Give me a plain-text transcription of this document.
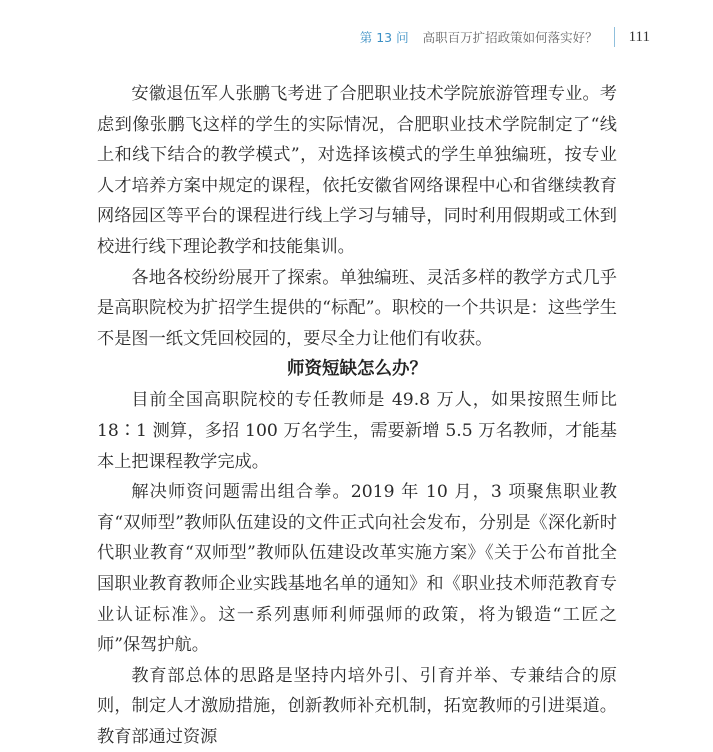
第 13 问 高职百万扩招政策如何落实好？ 111

安徽退伍军人张鹏飞考进了合肥职业技术学院旅游管理专业。考虑到像张鹏飞这样的学生的实际情况，合肥职业技术学院制定了“线上和线下结合的教学模式”，对选择该模式的学生单独编班，按专业人才培养方案中规定的课程，依托安徽省网络课程中心和省继续教育网络园区等平台的课程进行线上学习与辅导，同时利用假期或工休到校进行线下理论教学和技能集训。

各地各校纷纷展开了探索。单独编班、灵活多样的教学方式几乎是高职院校为扩招学生提供的“标配”。职校的一个共识是：这些学生不是图一纸文凭回校园的，要尽全力让他们有收获。

师资短缺怎么办？

目前全国高职院校的专任教师是 49.8 万人，如果按照生师比 18∶1 测算，多招 100 万名学生，需要新增 5.5 万名教师，才能基本上把课程教学完成。

解决师资问题需出组合拳。2019 年 10 月，3 项聚焦职业教育“双师型”教师队伍建设的文件正式向社会发布，分别是《深化新时代职业教育“双师型”教师队伍建设改革实施方案》《关于公布首批全国职业教育教师企业实践基地名单的通知》和《职业技术师范教育专业认证标准》。这一系列惠师利师强师的政策，将为锻造“工匠之师”保驾护航。

教育部总体的思路是坚持内培外引、引育并举、专兼结合的原则，制定人才激励措施，创新教师补充机制，拓宽教师的引进渠道。教育部通过资源
